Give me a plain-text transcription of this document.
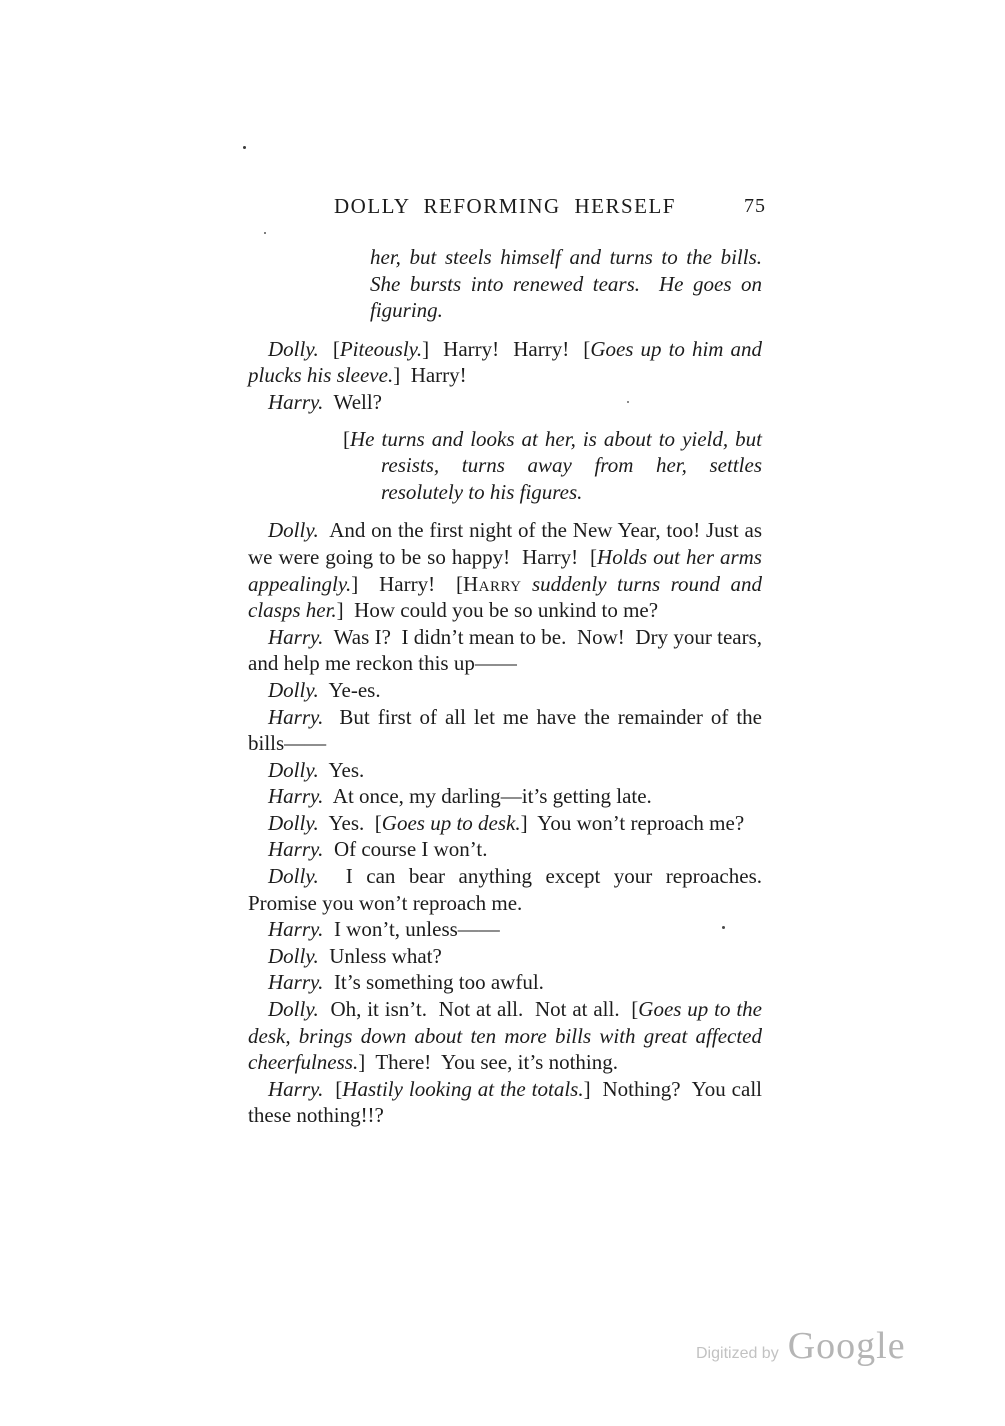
DOLLY REFORMING HERSELF	75

her, but steels himself and turns to the bills.  She bursts into renewed tears.  He goes on figuring.

Dolly.  [Piteously.]  Harry!  Harry!  [Goes up to him and plucks his sleeve.]  Harry!

Harry.  Well?

[He turns and looks at her, is about to yield, but resists, turns away from her, settles resolutely to his figures.

Dolly.  And on the first night of the New Year, too! Just as we were going to be so happy!  Harry!  [Holds out her arms appealingly.]  Harry!  [Harry suddenly turns round and clasps her.]  How could you be so unkind to me?

Harry.  Was I?  I didn’t mean to be.  Now!  Dry your tears, and help me reckon this up——

Dolly.  Ye-es.

Harry.  But first of all let me have the remainder of the bills——

Dolly.  Yes.

Harry.  At once, my darling—it’s getting late.

Dolly.  Yes.  [Goes up to desk.]  You won’t reproach me?

Harry.  Of course I won’t.

Dolly.  I can bear anything except your reproaches.  Promise you won’t reproach me.

Harry.  I won’t, unless——

Dolly.  Unless what?

Harry.  It’s something too awful.

Dolly.  Oh, it isn’t.  Not at all.  Not at all.  [Goes up to the desk, brings down about ten more bills with great affected cheerfulness.]  There!  You see, it’s nothing.

Harry.  [Hastily looking at the totals.]  Nothing?  You call these nothing!!?

Digitized by Google
